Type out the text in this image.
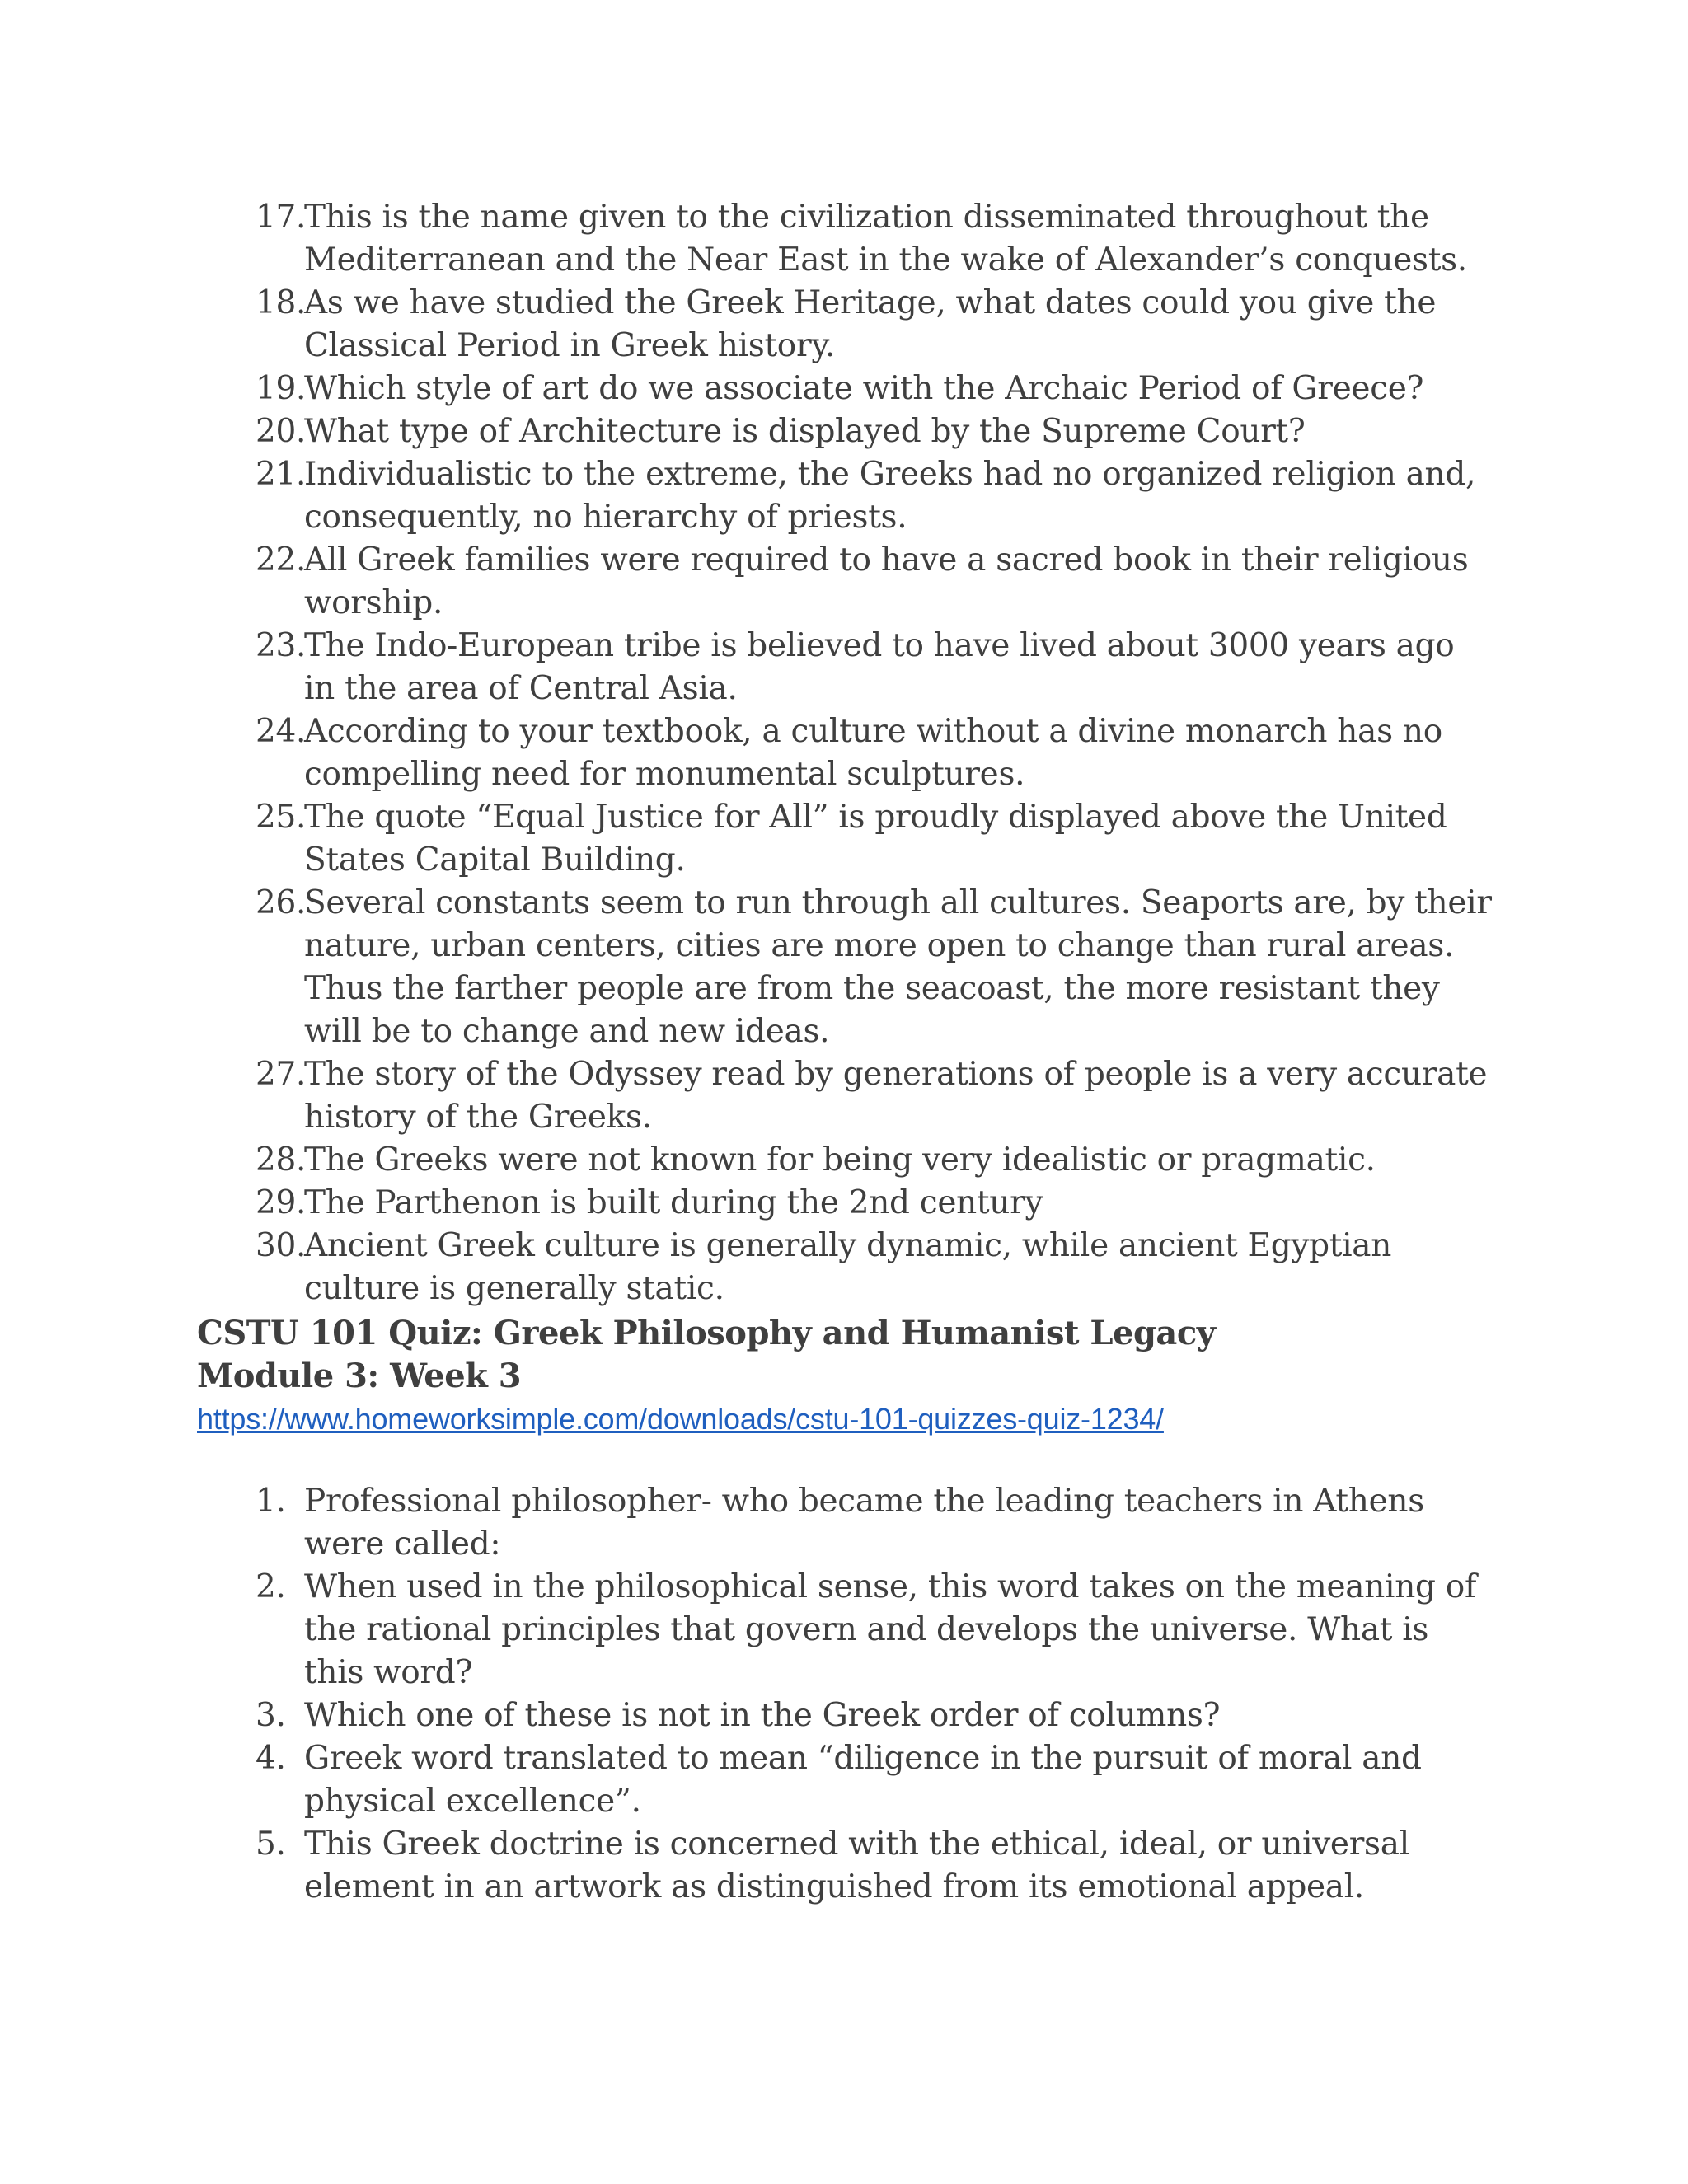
17.
This is the name given to the civilization disseminated throughout the Mediterranean and the Near East in the wake of Alexander’s conquests.
18.
As we have studied the Greek Heritage, what dates could you give the Classical Period in Greek history.
19.
Which style of art do we associate with the Archaic Period of Greece?
20.
What type of Architecture is displayed by the Supreme Court?
21.
Individualistic to the extreme, the Greeks had no organized religion and, consequently, no hierarchy of priests.
22.
All Greek families were required to have a sacred book in their religious worship.
23.
The Indo-European tribe is believed to have lived about 3000 years ago in the area of Central Asia.
24.
According to your textbook, a culture without a divine monarch has no compelling need for monumental sculptures.
25.
The quote “Equal Justice for All” is proudly displayed above the United States Capital Building.
26.
Several constants seem to run through all cultures. Seaports are, by their nature, urban centers, cities are more open to change than rural areas. Thus the farther people are from the seacoast, the more resistant they will be to change and new ideas.
27.
The story of the Odyssey read by generations of people is a very accurate history of the Greeks.
28.
The Greeks were not known for being very idealistic or pragmatic.
29.
The Parthenon is built during the 2nd century
30.
Ancient Greek culture is generally dynamic, while ancient Egyptian culture is generally static.
CSTU 101 Quiz: Greek Philosophy and Humanist Legacy
Module 3: Week 3
https://www.homeworksimple.com/downloads/cstu-101-quizzes-quiz-1234/
1. Professional philosopher- who became the leading teachers in Athens were called:
2. When used in the philosophical sense, this word takes on the meaning of the rational principles that govern and develops the universe. What is this word?
3. Which one of these is not in the Greek order of columns?
4. Greek word translated to mean “diligence in the pursuit of moral and physical excellence”.
5. This Greek doctrine is concerned with the ethical, ideal, or universal element in an artwork as distinguished from its emotional appeal.
